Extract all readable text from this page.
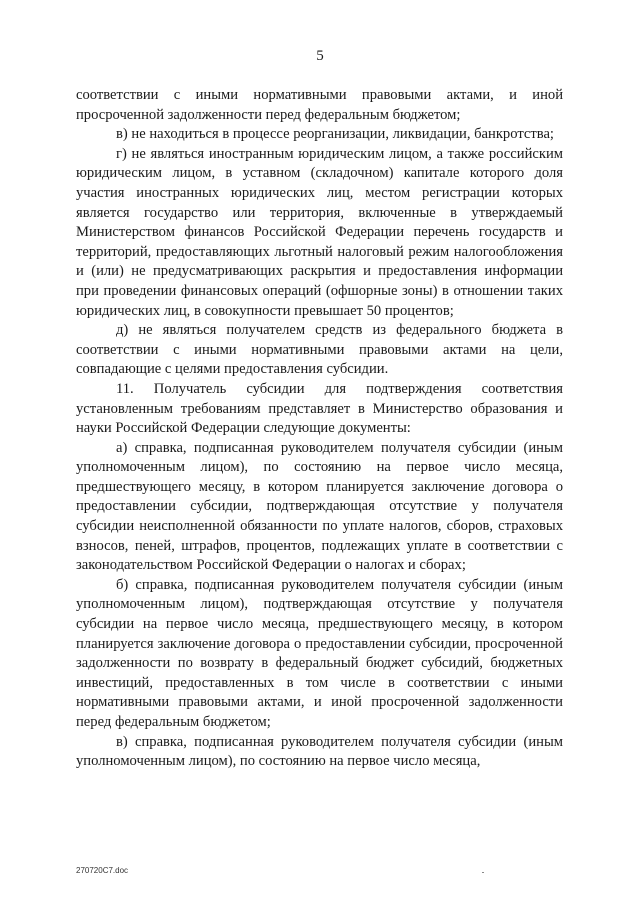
5

соответствии с иными нормативными правовыми актами, и иной просроченной задолженности перед федеральным бюджетом;

в) не находиться в процессе реорганизации, ликвидации, банкротства;

г) не являться иностранным юридическим лицом, а также российским юридическим лицом, в уставном (складочном) капитале которого доля участия иностранных юридических лиц, местом регистрации которых является государство или территория, включенные в утверждаемый Министерством финансов Российской Федерации перечень государств и территорий, предоставляющих льготный налоговый режим налогообложения и (или) не предусматривающих раскрытия и предоставления информации при проведении финансовых операций (офшорные зоны) в отношении таких юридических лиц, в совокупности превышает 50 процентов;

д) не являться получателем средств из федерального бюджета в соответствии с иными нормативными правовыми актами на цели, совпадающие с целями предоставления субсидии.

11. Получатель субсидии для подтверждения соответствия установленным требованиям представляет в Министерство образования и науки Российской Федерации следующие документы:

а) справка, подписанная руководителем получателя субсидии (иным уполномоченным лицом), по состоянию на первое число месяца, предшествующего месяцу, в котором планируется заключение договора о предоставлении субсидии, подтверждающая отсутствие у получателя субсидии неисполненной обязанности по уплате налогов, сборов, страховых взносов, пеней, штрафов, процентов, подлежащих уплате в соответствии с законодательством Российской Федерации о налогах и сборах;

б) справка, подписанная руководителем получателя субсидии (иным уполномоченным лицом), подтверждающая отсутствие у получателя субсидии на первое число месяца, предшествующего месяцу, в котором планируется заключение договора о предоставлении субсидии, просроченной задолженности по возврату в федеральный бюджет субсидий, бюджетных инвестиций, предоставленных в том числе в соответствии с иными нормативными правовыми актами, и иной просроченной задолженности перед федеральным бюджетом;

в) справка, подписанная руководителем получателя субсидии (иным уполномоченным лицом), по состоянию на первое число месяца,

270720C7.doc
